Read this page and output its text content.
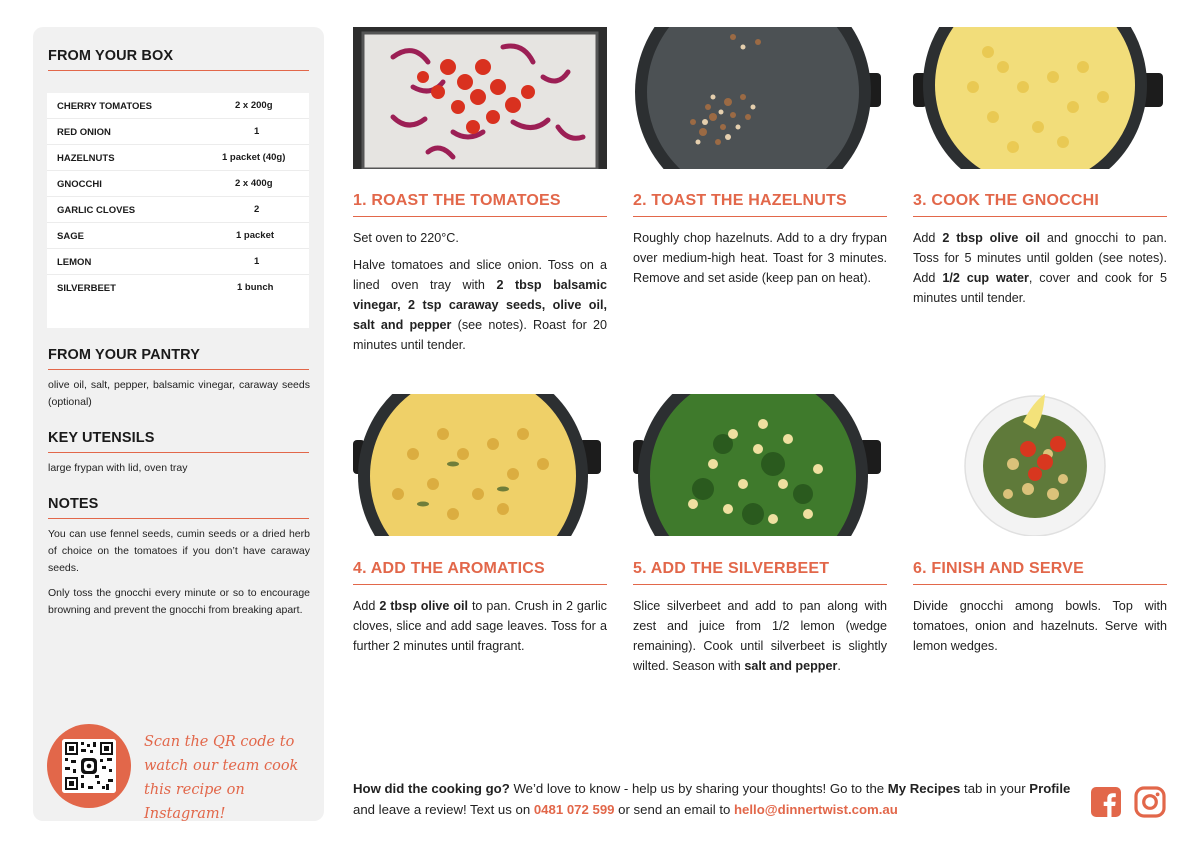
FROM YOUR BOX
CHERRY TOMATOES	2 x 200g
RED ONION	1
HAZELNUTS	1 packet (40g)
GNOCCHI	2 x 400g
GARLIC CLOVES	2
SAGE	1 packet
LEMON	1
SILVERBEET	1 bunch
FROM YOUR PANTRY
olive oil, salt, pepper, balsamic vinegar, caraway seeds (optional)
KEY UTENSILS
large frypan with lid, oven tray
NOTES
You can use fennel seeds, cumin seeds or a dried herb of choice on the tomatoes if you don’t have caraway seeds.
Only toss the gnocchi every minute or so to encourage browning and prevent the gnocchi from breaking apart.
Scan the QR code to watch our team cook this recipe on Instagram!
1. ROAST THE TOMATOES

Set oven to 220°C.

Halve tomatoes and slice onion. Toss on a lined oven tray with 2 tbsp balsamic vinegar, 2 tsp caraway seeds, olive oil, salt and pepper (see notes). Roast for 20 minutes until tender.

2. TOAST THE HAZELNUTS

Roughly chop hazelnuts. Add to a dry frypan over medium-high heat. Toast for 3 minutes. Remove and set aside (keep pan on heat).

3. COOK THE GNOCCHI

Add 2 tbsp olive oil and gnocchi to pan. Toss for 5 minutes until golden (see notes). Add 1/2 cup water, cover and cook for 5 minutes until tender.

4. ADD THE AROMATICS

Add 2 tbsp olive oil to pan. Crush in 2 garlic cloves, slice and add sage leaves. Toss for a further 2 minutes until fragrant.

5. ADD THE SILVERBEET

Slice silverbeet and add to pan along with zest and juice from 1/2 lemon (wedge remaining). Cook until silverbeet is slightly wilted. Season with salt and pepper.

6. FINISH AND SERVE

Divide gnocchi among bowls. Top with tomatoes, onion and hazelnuts. Serve with lemon wedges.

How did the cooking go? We’d love to know - help us by sharing your thoughts! Go to the My Recipes tab in your Profile and leave a review! Text us on 0481 072 599 or send an email to hello@dinnertwist.com.au
